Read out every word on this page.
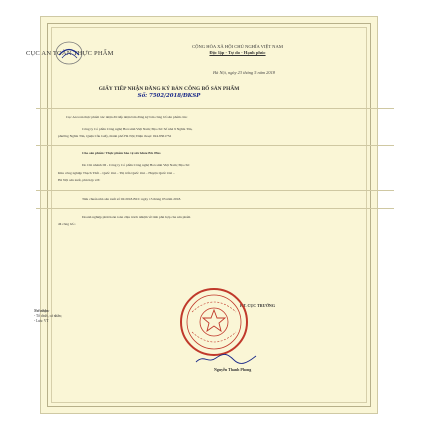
CỤC AN TOÀN THỰC PHẨM
CỘNG HÒA XÃ HỘI CHỦ NGHĨA VIỆT NAM
Độc lập - Tự do - Hạnh phúc
Hà Nội, ngày 23 tháng 5 năm 2018
GIẤY TIẾP NHẬN ĐĂNG KÝ BẢN CÔNG BỐ SẢN PHẨM
Số: 7502/2018/ĐKSP
Cục An toàn thực phẩm xác nhận đã tiếp nhận bản đăng ký bản công bố sản phẩm của:
Công ty Cổ phần Công nghệ Hoá sinh Việt Nam; Địa chỉ: Số nhà 9 Nghĩa Tân,
phường Nghĩa Tân, Quận Cầu Giấy, thành phố Hà Nội; Điện thoại: 024.8361752
Cho sản phẩm: Thực phẩm bảo vệ sức khỏe BG Plus
Do Chi nhánh III - Công ty Cổ phần Công nghệ Hoá sinh Việt Nam; Địa chỉ:
Khu công nghiệp Thạch Thất – Quốc Oai – Thị trấn Quốc Oai – Huyện Quốc Oai –
Hà Nội sản xuất, phù hợp với:
Tiêu chuẩn nhà sản xuất số 02/2018-BCC ngày 15 tháng 03 năm 2018.
Doanh nghiệp phải hoàn toàn chịu trách nhiệm về tính phù hợp của sản phẩm
đã công bố./.
Nơi nhận:
- Tổ chức, cá nhân;
- Lưu: VT
KT. CỤC TRƯỞNG
Nguyễn Thanh Phong
